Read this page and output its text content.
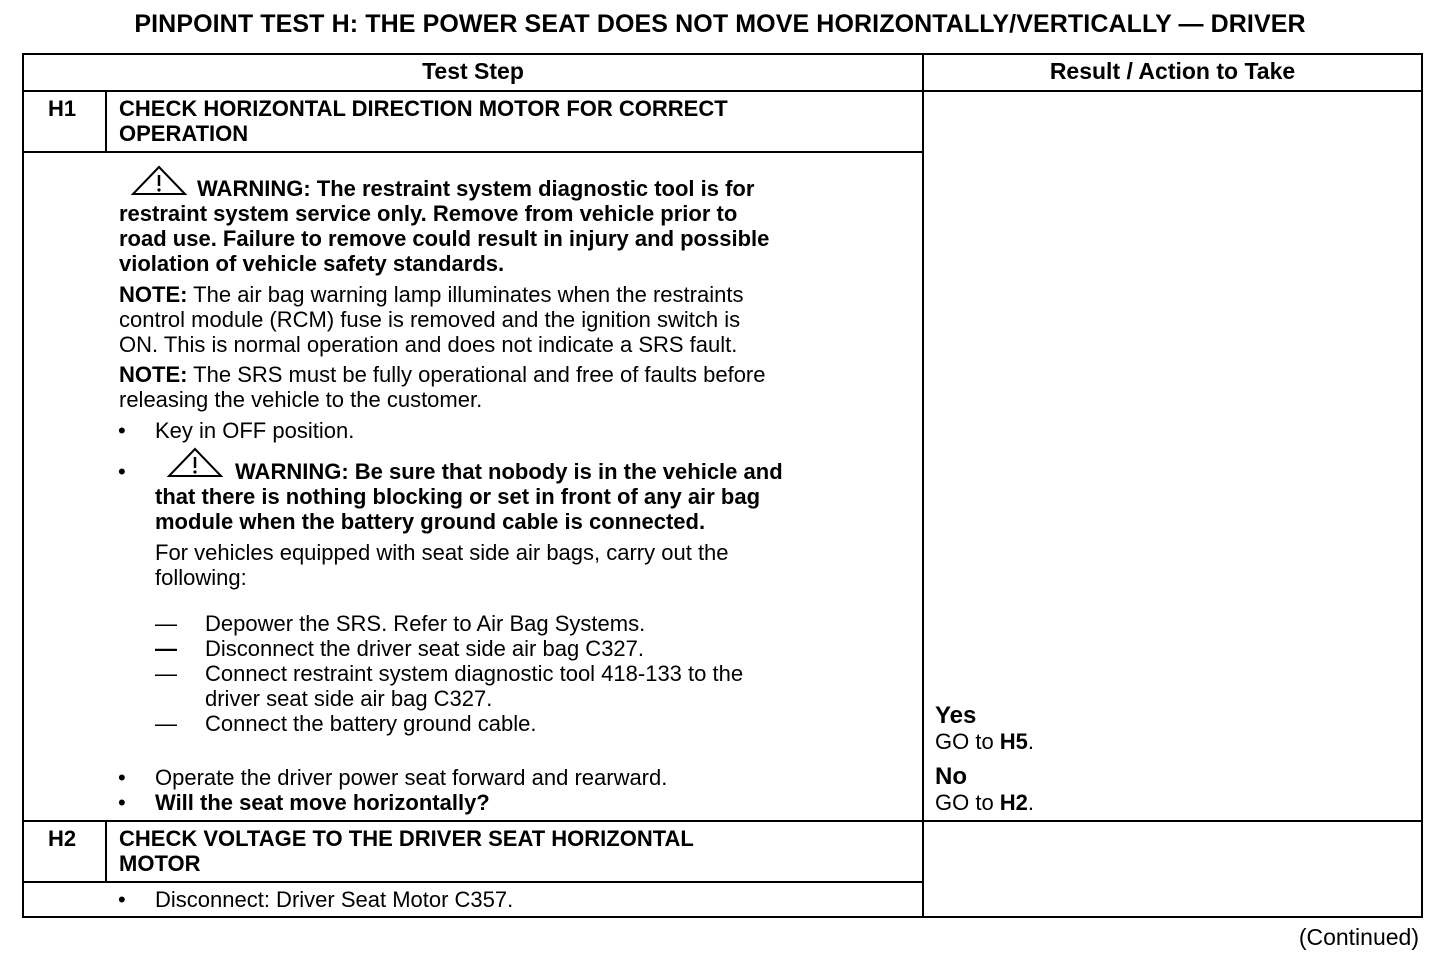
PINPOINT TEST H: THE POWER SEAT DOES NOT MOVE HORIZONTALLY/VERTICALLY — DRIVER
Test Step	Result / Action to Take
H1 CHECK HORIZONTAL DIRECTION MOTOR FOR CORRECT
OPERATION
WARNING: The restraint system diagnostic tool is for
restraint system service only. Remove from vehicle prior to
road use. Failure to remove could result in injury and possible
violation of vehicle safety standards.
NOTE: The air bag warning lamp illuminates when the restraints
control module (RCM) fuse is removed and the ignition switch is
ON. This is normal operation and does not indicate a SRS fault.
NOTE: The SRS must be fully operational and free of faults before
releasing the vehicle to the customer.
• Key in OFF position.
•	WARNING: Be sure that nobody is in the vehicle and
that there is nothing blocking or set in front of any air bag
module when the battery ground cable is connected.
For vehicles equipped with seat side air bags, carry out the
following:
— Depower the SRS. Refer to Air Bag Systems.
— Disconnect the driver seat side air bag C327.
— Connect restraint system diagnostic tool 418-133 to the
driver seat side air bag C327.
— Connect the battery ground cable.
• Operate the driver power seat forward and rearward.
• Will the seat move horizontally?
Yes
GO to H5.
No
GO to H2.
H2 CHECK VOLTAGE TO THE DRIVER SEAT HORIZONTAL
MOTOR
• Disconnect: Driver Seat Motor C357.
(Continued)
